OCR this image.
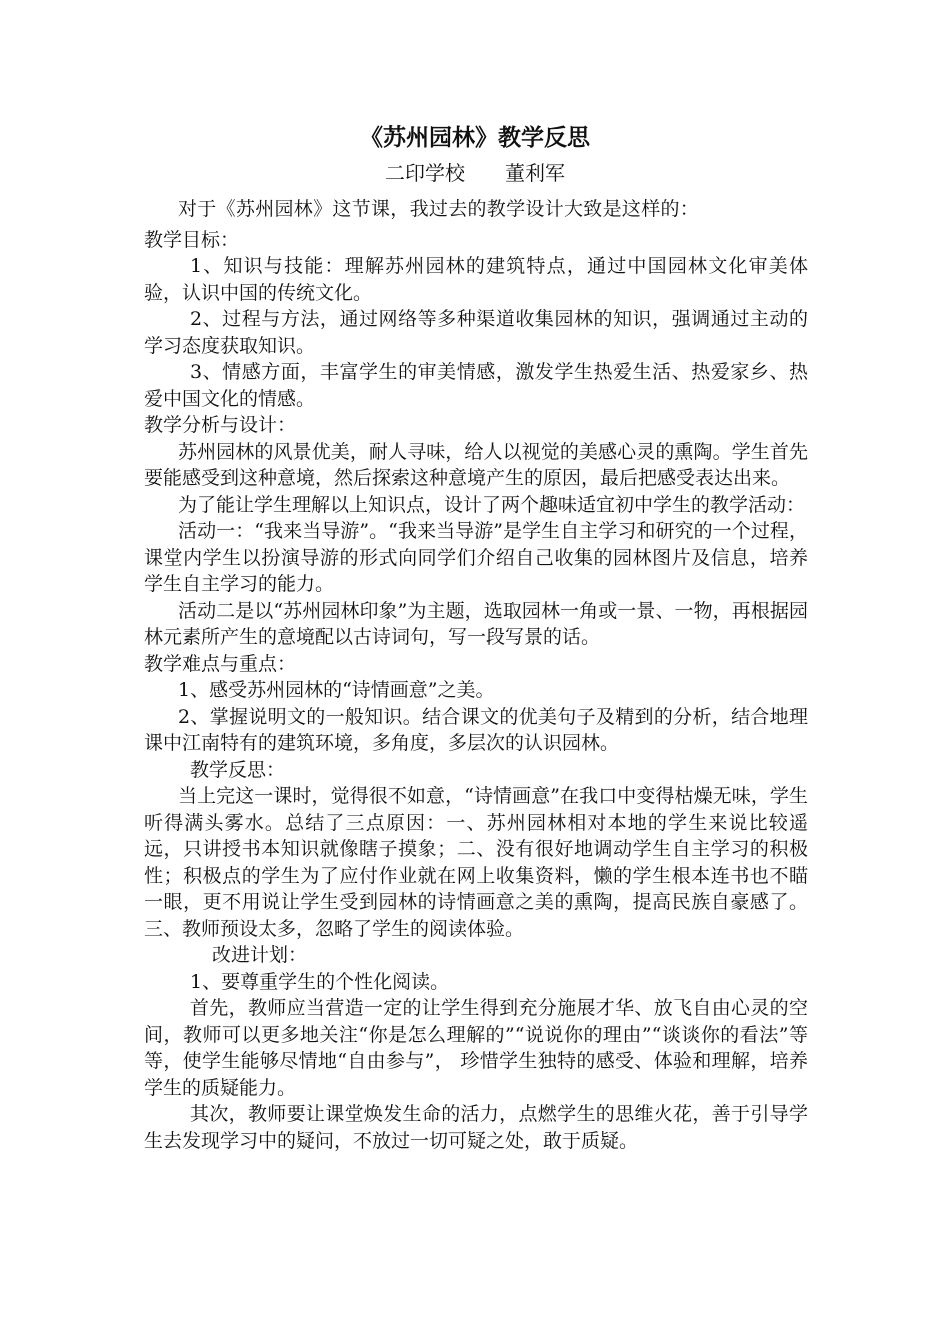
《苏州园林》教学反思
二印学校　　董利军

对于《苏州园林》这节课，我过去的教学设计大致是这样的：

教学目标：

1、知识与技能：理解苏州园林的建筑特点，通过中国园林文化审美体验，认识中国的传统文化。

2、过程与方法，通过网络等多种渠道收集园林的知识，强调通过主动的学习态度获取知识。

3、情感方面，丰富学生的审美情感，激发学生热爱生活、热爱家乡、热爱中国文化的情感。

教学分析与设计：

苏州园林的风景优美，耐人寻味，给人以视觉的美感心灵的熏陶。学生首先要能感受到这种意境，然后探索这种意境产生的原因，最后把感受表达出来。

为了能让学生理解以上知识点，设计了两个趣味适宜初中学生的教学活动：

活动一：“我来当导游”。“我来当导游”是学生自主学习和研究的一个过程，课堂内学生以扮演导游的形式向同学们介绍自己收集的园林图片及信息，培养学生自主学习的能力。

活动二是以“苏州园林印象”为主题，选取园林一角或一景、一物，再根据园林元素所产生的意境配以古诗词句，写一段写景的话。

教学难点与重点：

1、感受苏州园林的“诗情画意”之美。

2、掌握说明文的一般知识。结合课文的优美句子及精到的分析，结合地理课中江南特有的建筑环境，多角度，多层次的认识园林。

教学反思：

当上完这一课时，觉得很不如意，“诗情画意”在我口中变得枯燥无味，学生听得满头雾水。总结了三点原因：一、苏州园林相对本地的学生来说比较遥远，只讲授书本知识就像瞎子摸象；二、没有很好地调动学生自主学习的积极性；积极点的学生为了应付作业就在网上收集资料，懒的学生根本连书也不瞄一眼，更不用说让学生受到园林的诗情画意之美的熏陶，提高民族自豪感了。三、教师预设太多，忽略了学生的阅读体验。

改进计划：

1、要尊重学生的个性化阅读。

首先，教师应当营造一定的让学生得到充分施展才华、放飞自由心灵的空间，教师可以更多地关注“你是怎么理解的”“说说你的理由”“谈谈你的看法”等等，使学生能够尽情地“自由参与”， 珍惜学生独特的感受、体验和理解，培养学生的质疑能力。

其次，教师要让课堂焕发生命的活力，点燃学生的思维火花，善于引导学生去发现学习中的疑问，不放过一切可疑之处，敢于质疑。
